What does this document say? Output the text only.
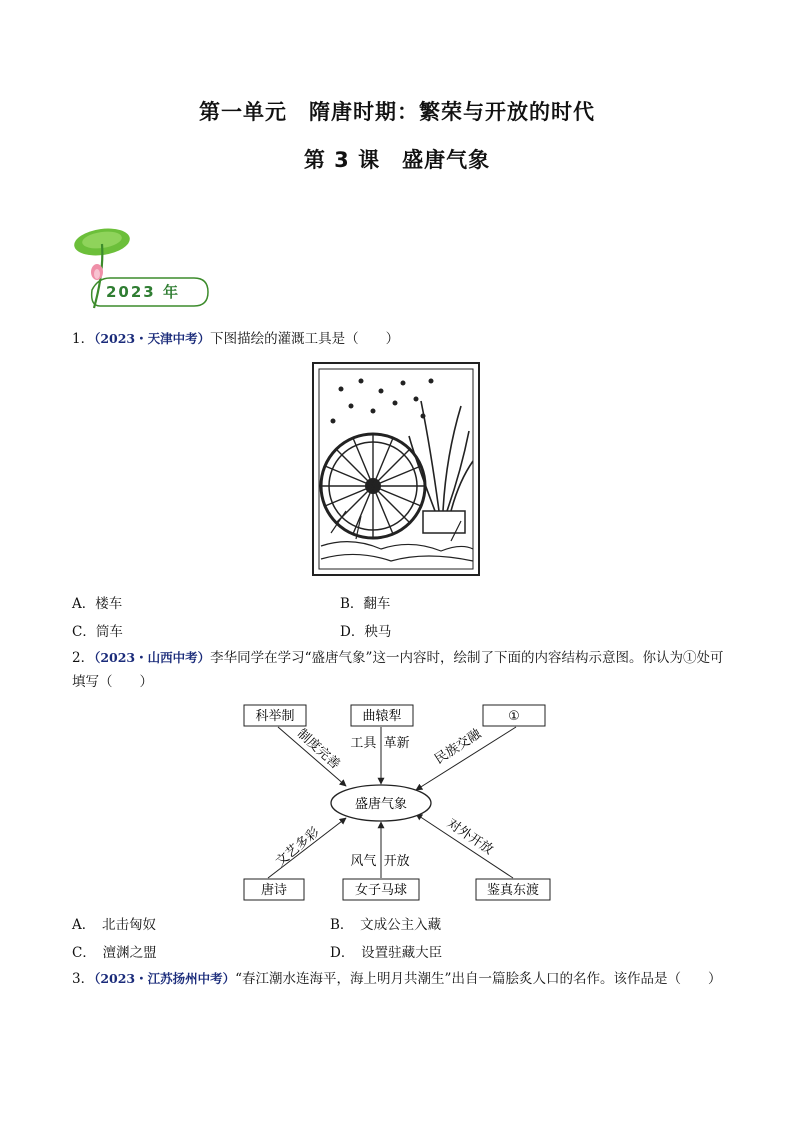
第一单元　隋唐时期：繁荣与开放的时代
第 3 课　盛唐气象
2023 年
1．（2023・天津中考）下图描绘的灌溉工具是（　　）
A．楼车	B．翻车
C．筒车	D．秧马
2．（2023・山西中考）李华同学在学习“盛唐气象”这一内容时，绘制了下面的内容结构示意图。你认为①处可填写（　　）
制度完善 工具  革新 民族交融
文艺多彩 风气  开放
对外开放
科举制	曲辕犁	①
盛唐气象
唐诗	女子马球	鉴真东渡
A．　北击匈奴	B．　文成公主入藏
C．　澶渊之盟	D．　设置驻藏大臣
3．（2023・江苏扬州中考）“春江潮水连海平，海上明月共潮生”出自一篇脍炙人口的名作。该作品是（　　）
